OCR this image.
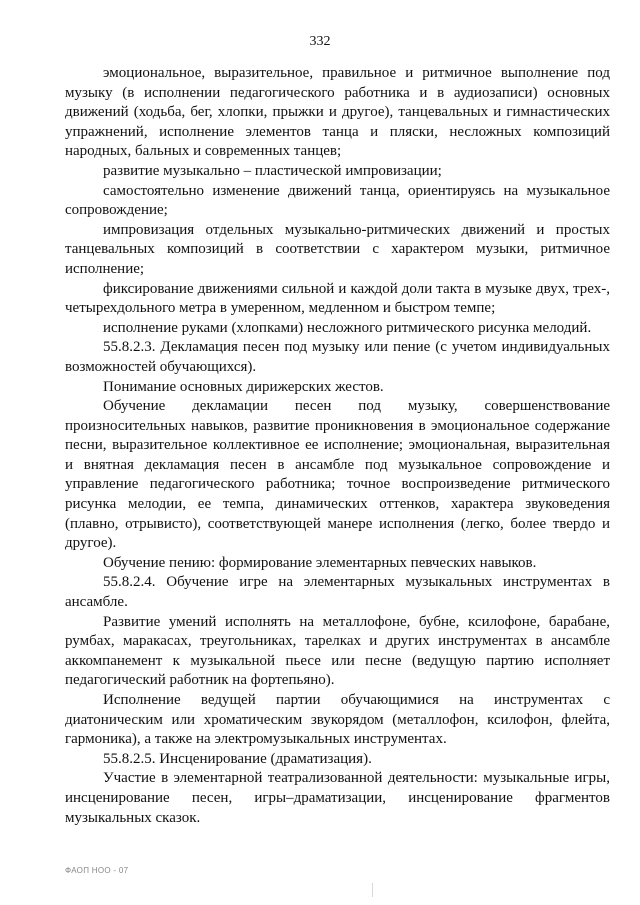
332

эмоциональное, выразительное, правильное и ритмичное выполнение под музыку (в исполнении педагогического работника и в аудиозаписи) основных движений (ходьба, бег, хлопки, прыжки и другое), танцевальных и гимнастических упражнений, исполнение элементов танца и пляски, несложных композиций народных, бальных и современных танцев;

развитие музыкально – пластической импровизации;

самостоятельно изменение движений танца, ориентируясь на музыкальное сопровождение;

импровизация отдельных музыкально-ритмических движений и простых танцевальных композиций в соответствии с характером музыки, ритмичное исполнение;

фиксирование движениями сильной и каждой доли такта в музыке двух, трех-, четырехдольного метра в умеренном, медленном и быстром темпе;

исполнение руками (хлопками) несложного ритмического рисунка мелодий.

55.8.2.3. Декламация песен под музыку или пение (с учетом индивидуальных возможностей обучающихся).

Понимание основных дирижерских жестов.

Обучение декламации песен под музыку, совершенствование произносительных навыков, развитие проникновения в эмоциональное содержание песни, выразительное коллективное ее исполнение; эмоциональная, выразительная и внятная декламация песен в ансамбле под музыкальное сопровождение и управление педагогического работника; точное воспроизведение ритмического рисунка мелодии, ее темпа, динамических оттенков, характера звуковедения (плавно, отрывисто), соответствующей манере исполнения (легко, более твердо и другое).

Обучение пению: формирование элементарных певческих навыков.

55.8.2.4. Обучение игре на элементарных музыкальных инструментах в ансамбле.

Развитие умений исполнять на металлофоне, бубне, ксилофоне, барабане, румбах, маракасах, треугольниках, тарелках и других инструментах в ансамбле аккомпанемент к музыкальной пьесе или песне (ведущую партию исполняет педагогический работник на фортепьяно).

Исполнение ведущей партии обучающимися на инструментах с диатоническим или хроматическим звукорядом (металлофон, ксилофон, флейта, гармоника), а также на электромузыкальных инструментах.

55.8.2.5. Инсценирование (драматизация).

Участие в элементарной театрализованной деятельности: музыкальные игры, инсценирование песен, игры–драматизации, инсценирование фрагментов музыкальных сказок.

ФАОП НОО - 07
